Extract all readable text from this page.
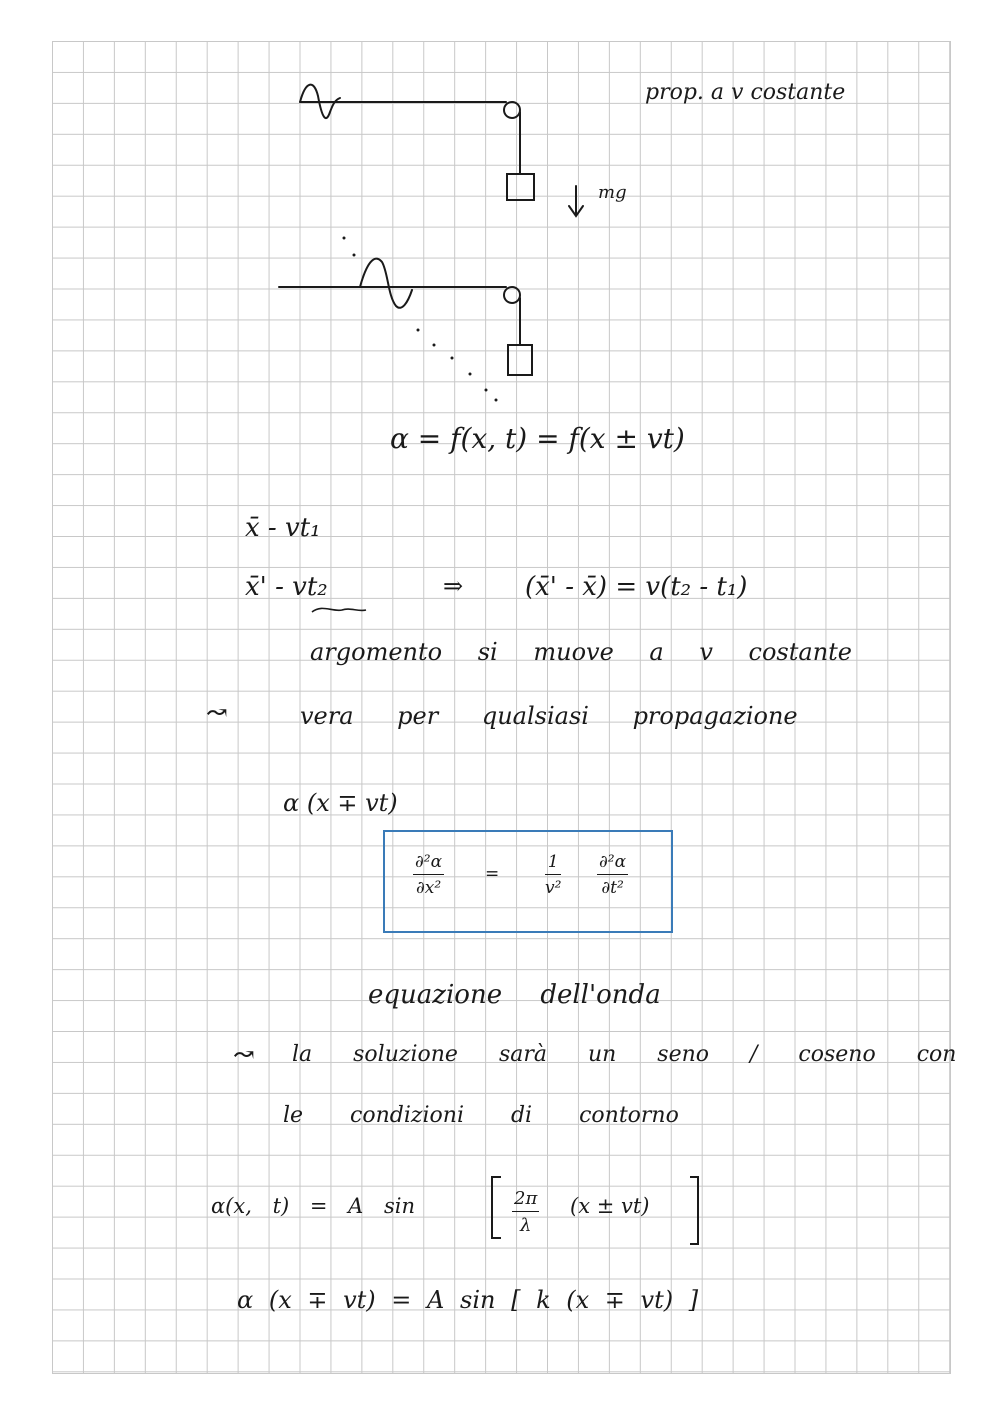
prop. a v costante
mg
α = f(x, t) = f(x ± vt)
x̄ - vt₁
x̄' - vt₂	⇒ (x̄' - x̄) = v(t₂ - t₁)
argomento si muove a v costante
↝	vera per qualsiasi propagazione
α (x ∓ vt)
$\frac{\text{∂²α}}{\text{∂x²}}$ =	$\frac{1}{\text{v²}} \frac{\text{∂²α}}{\text{∂t²}}$
equazione dell'onda
↝ la soluzione sarà un seno / coseno con
le condizioni di contorno
α(x, t) = A sin	$\frac{2\pi}{\lambda} (x \pm vt)$
α (x ∓ vt) = A sin [ k (x ∓ vt) ]
